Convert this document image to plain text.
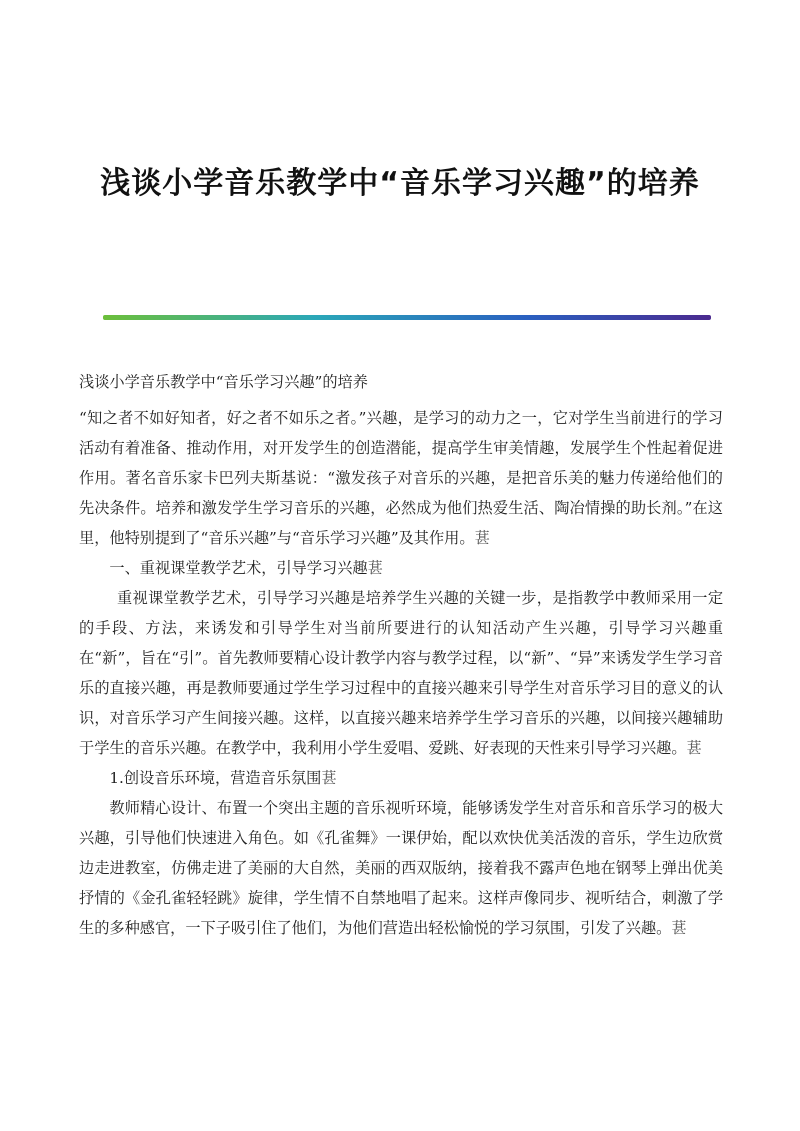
浅谈小学音乐教学中“音乐学习兴趣”的培养

浅谈小学音乐教学中“音乐学习兴趣”的培养

“知之者不如好知者，好之者不如乐之者。”兴趣，是学习的动力之一，它对学生当前进行的学习活动有着准备、推动作用，对开发学生的创造潜能，提高学生审美情趣，发展学生个性起着促进作用。著名音乐家卡巴列夫斯基说：“激发孩子对音乐的兴趣，是把音乐美的魅力传递给他们的先决条件。培养和激发学生学习音乐的兴趣，必然成为他们热爱生活、陶冶情操的助长剂。”在这里，他特别提到了“音乐兴趣”与“音乐学习兴趣”及其作用。葚

一、重视课堂教学艺术，引导学习兴趣葚

重视课堂教学艺术，引导学习兴趣是培养学生兴趣的关键一步，是指教学中教师采用一定的手段、方法，来诱发和引导学生对当前所要进行的认知活动产生兴趣，引导学习兴趣重在“新”，旨在“引”。首先教师要精心设计教学内容与教学过程，以“新”、“异”来诱发学生学习音乐的直接兴趣，再是教师要通过学生学习过程中的直接兴趣来引导学生对音乐学习目的意义的认识，对音乐学习产生间接兴趣。这样，以直接兴趣来培养学生学习音乐的兴趣，以间接兴趣辅助于学生的音乐兴趣。在教学中，我利用小学生爱唱、爱跳、好表现的天性来引导学习兴趣。葚

1.创设音乐环境，营造音乐氛围葚

教师精心设计、布置一个突出主题的音乐视听环境，能够诱发学生对音乐和音乐学习的极大兴趣，引导他们快速进入角色。如《孔雀舞》一课伊始，配以欢快优美活泼的音乐，学生边欣赏边走进教室，仿佛走进了美丽的大自然，美丽的西双版纳，接着我不露声色地在钢琴上弹出优美抒情的《金孔雀轻轻跳》旋律，学生情不自禁地唱了起来。这样声像同步、视听结合，刺激了学生的多种感官，一下子吸引住了他们，为他们营造出轻松愉悦的学习氛围，引发了兴趣。葚
